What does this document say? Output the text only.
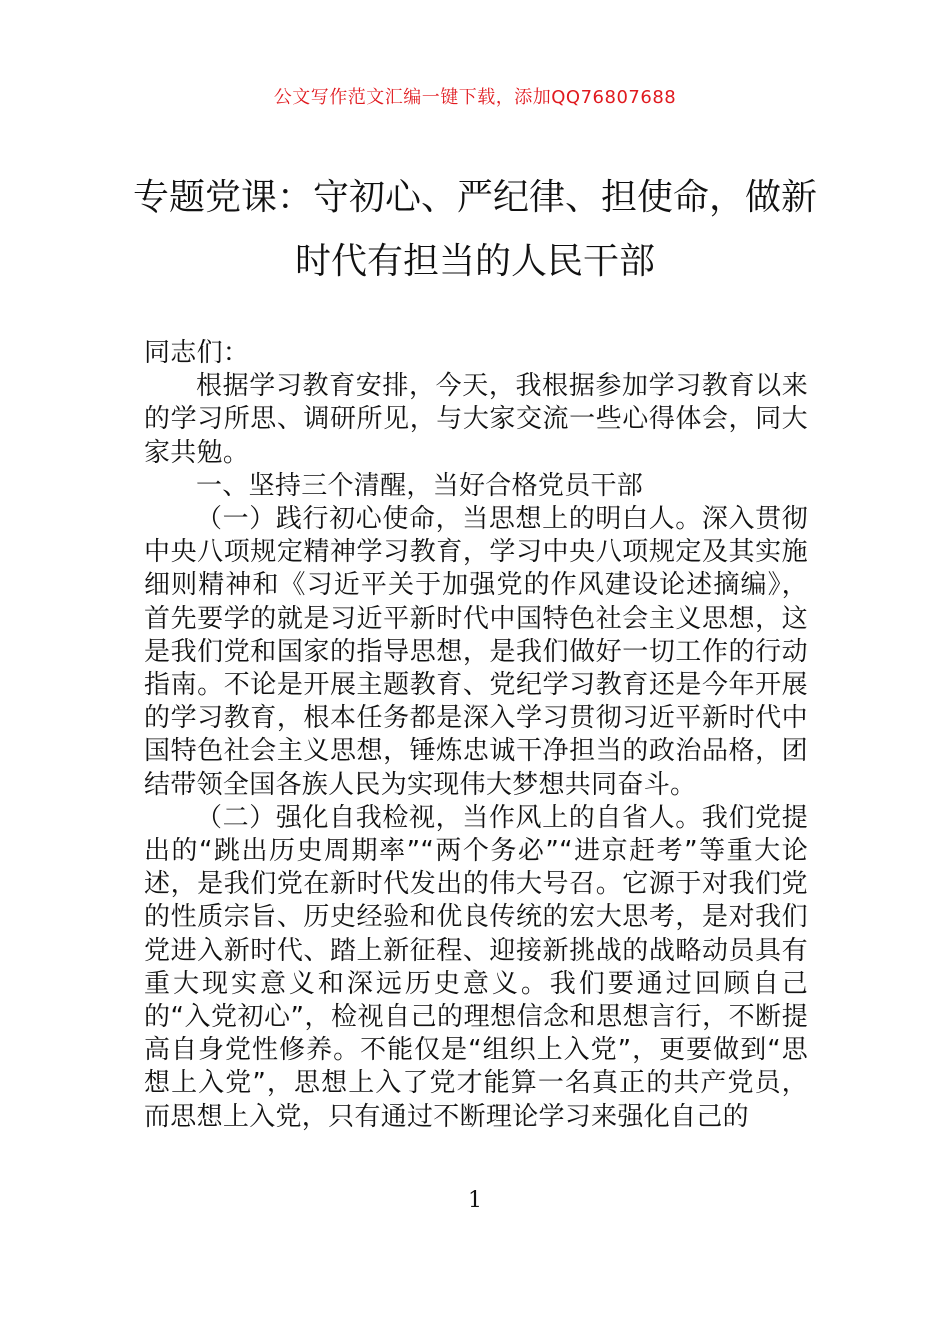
公文写作范文汇编一键下载，添加QQ76807688
专题党课：守初心、严纪律、担使命，做新时代有担当的人民干部

同志们：

根据学习教育安排，今天，我根据参加学习教育以来的学习所思、调研所见，与大家交流一些心得体会，同大家共勉。

一、坚持三个清醒，当好合格党员干部

（一）践行初心使命，当思想上的明白人。深入贯彻中央八项规定精神学习教育，学习中央八项规定及其实施细则精神和《习近平关于加强党的作风建设论述摘编》，首先要学的就是习近平新时代中国特色社会主义思想，这是我们党和国家的指导思想，是我们做好一切工作的行动指南。不论是开展主题教育、党纪学习教育还是今年开展的学习教育，根本任务都是深入学习贯彻习近平新时代中国特色社会主义思想，锤炼忠诚干净担当的政治品格，团结带领全国各族人民为实现伟大梦想共同奋斗。

（二）强化自我检视，当作风上的自省人。我们党提出的“跳出历史周期率”“两个务必”“进京赶考”等重大论述，是我们党在新时代发出的伟大号召。它源于对我们党的性质宗旨、历史经验和优良传统的宏大思考，是对我们党进入新时代、踏上新征程、迎接新挑战的战略动员具有重大现实意义和深远历史意义。我们要通过回顾自己的“入党初心”，检视自己的理想信念和思想言行，不断提高自身党性修养。不能仅是“组织上入党”，更要做到“思想上入党”，思想上入了党才能算一名真正的共产党员，而思想上入党，只有通过不断理论学习来强化自己的

1
